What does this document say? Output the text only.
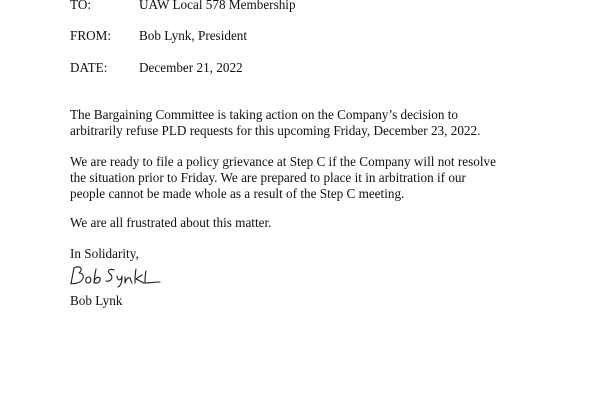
TO:	UAW Local 578 Membership
FROM: Bob Lynk, President
DATE: December 21, 2022

The Bargaining Committee is taking action on the Company’s decision to
arbitrarily refuse PLD requests for this upcoming Friday, December 23, 2022.

We are ready to file a policy grievance at Step C if the Company will not resolve
the situation prior to Friday. We are prepared to place it in arbitration if our
people cannot be made whole as a result of the Step C meeting.

We are all frustrated about this matter.

In Solidarity,
Bob Lynk
